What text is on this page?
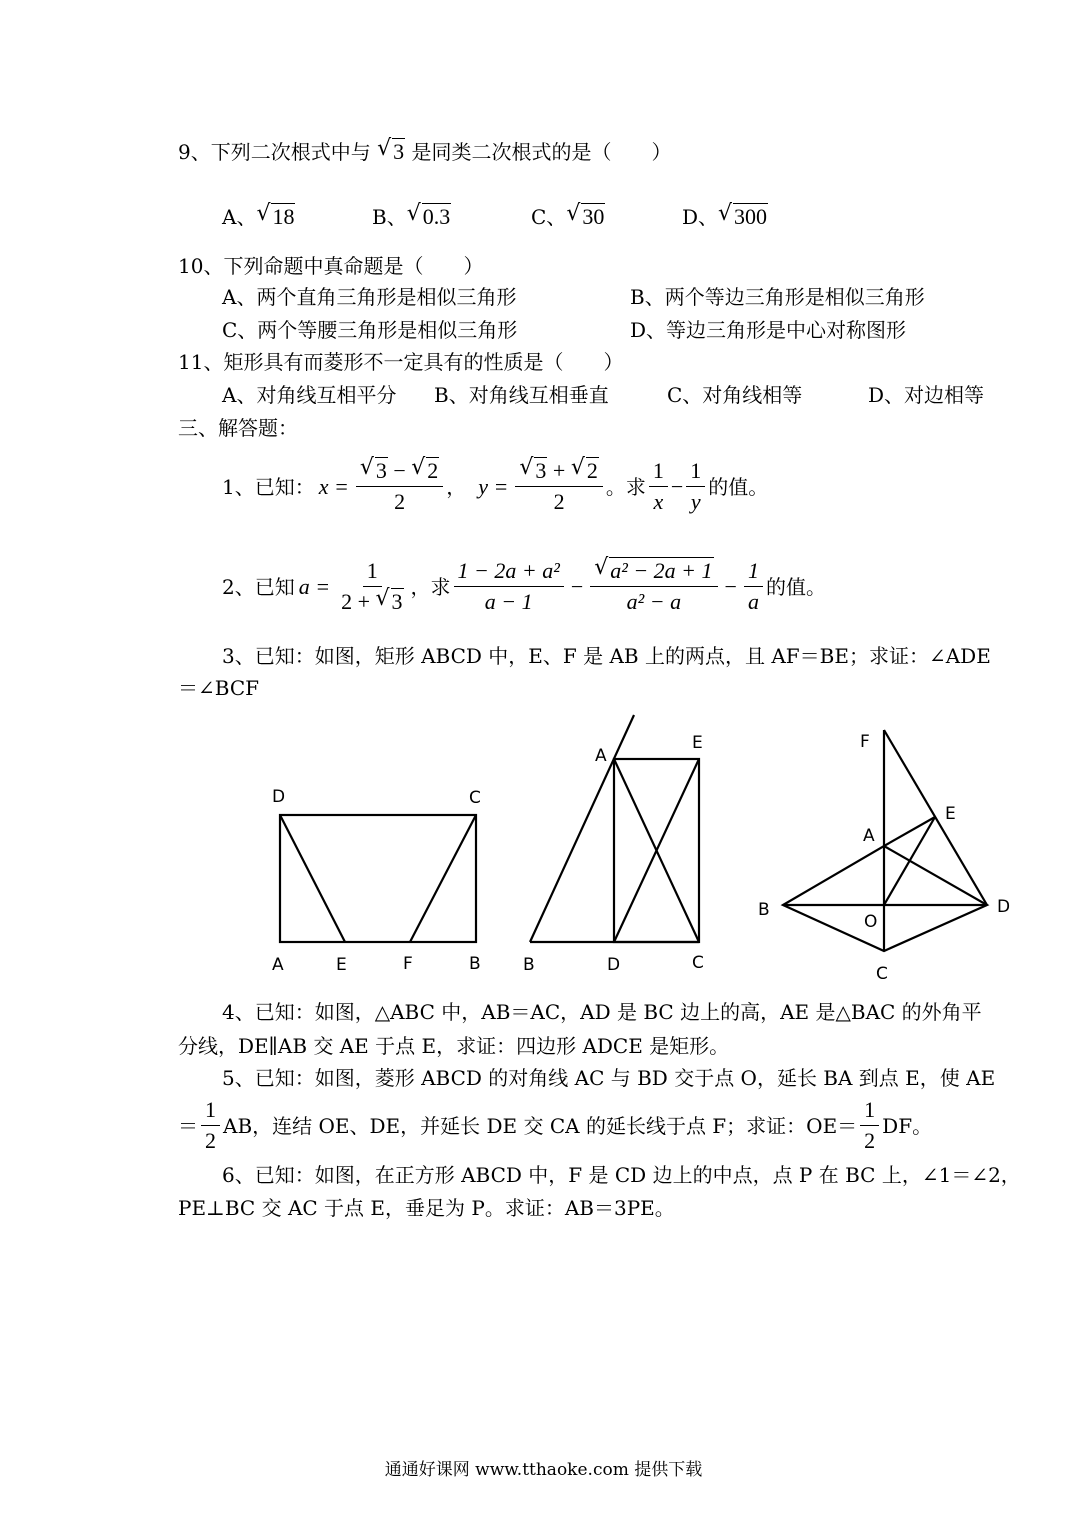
9、下列二次根式中与 √ 3 是同类二次根式的是（　　）
A、 √ 18	B、 √ 0.3	C、 √ 30	D、 √ 300
10、下列命题中真命题是（　　）
A、两个直角三角形是相似三角形	B、两个等边三角形是相似三角形
C、两个等腰三角形是相似三角形	D、等边三角形是中心对称图形
11、矩形具有而菱形不一定具有的性质是（　　）
A、对角线互相平分 B、对角线互相垂直	C、对角线相等	D、对边相等
三、解答题：
1、已知： $x = \frac{√ 3 - √ 2}{2}$ ， $y = \frac{√ 3 + √ 2}{2}$ 。求 $\frac{1}{x} - \frac{1}{y}$ 的值。
2、已知 $a = \frac{1}{2 + √ 3}$ ，求 $\frac{\text{1 − 2a + a²}}{a - 1} - \frac{\text{√ a² − 2a + 1}}{\text{a² − a}} - \frac{1}{a}$ 的值。
3、已知：如图，矩形 ABCD 中，E、F 是 AB 上的两点，且 AF＝BE；求证：∠ADE
＝∠BCF
D	C
A	E	F	B
A
E
B	D	C
F
E
A
B
O
D
C
4、已知：如图，△ABC 中，AB＝AC，AD 是 BC 边上的高，AE 是△BAC 的外角平
分线，DE∥AB 交 AE 于点 E，求证：四边形 ADCE 是矩形。
5、已知：如图，菱形 ABCD 的对角线 AC 与 BD 交于点 O，延长 BA 到点 E，使 AE
＝ $\frac{1}{2}$ AB，连结 OE、DE，并延长 DE 交 CA 的延长线于点 F；求证：$OE= \frac{1}{2}$ DF。
6、已知：如图，在正方形 ABCD 中，F 是 CD 边上的中点，点 P 在 BC 上，∠1＝∠2，
PE⊥BC 交 AC 于点 E，垂足为 P。求证：AB＝3PE。
通通好课网 www.tthaoke.com 提供下载
